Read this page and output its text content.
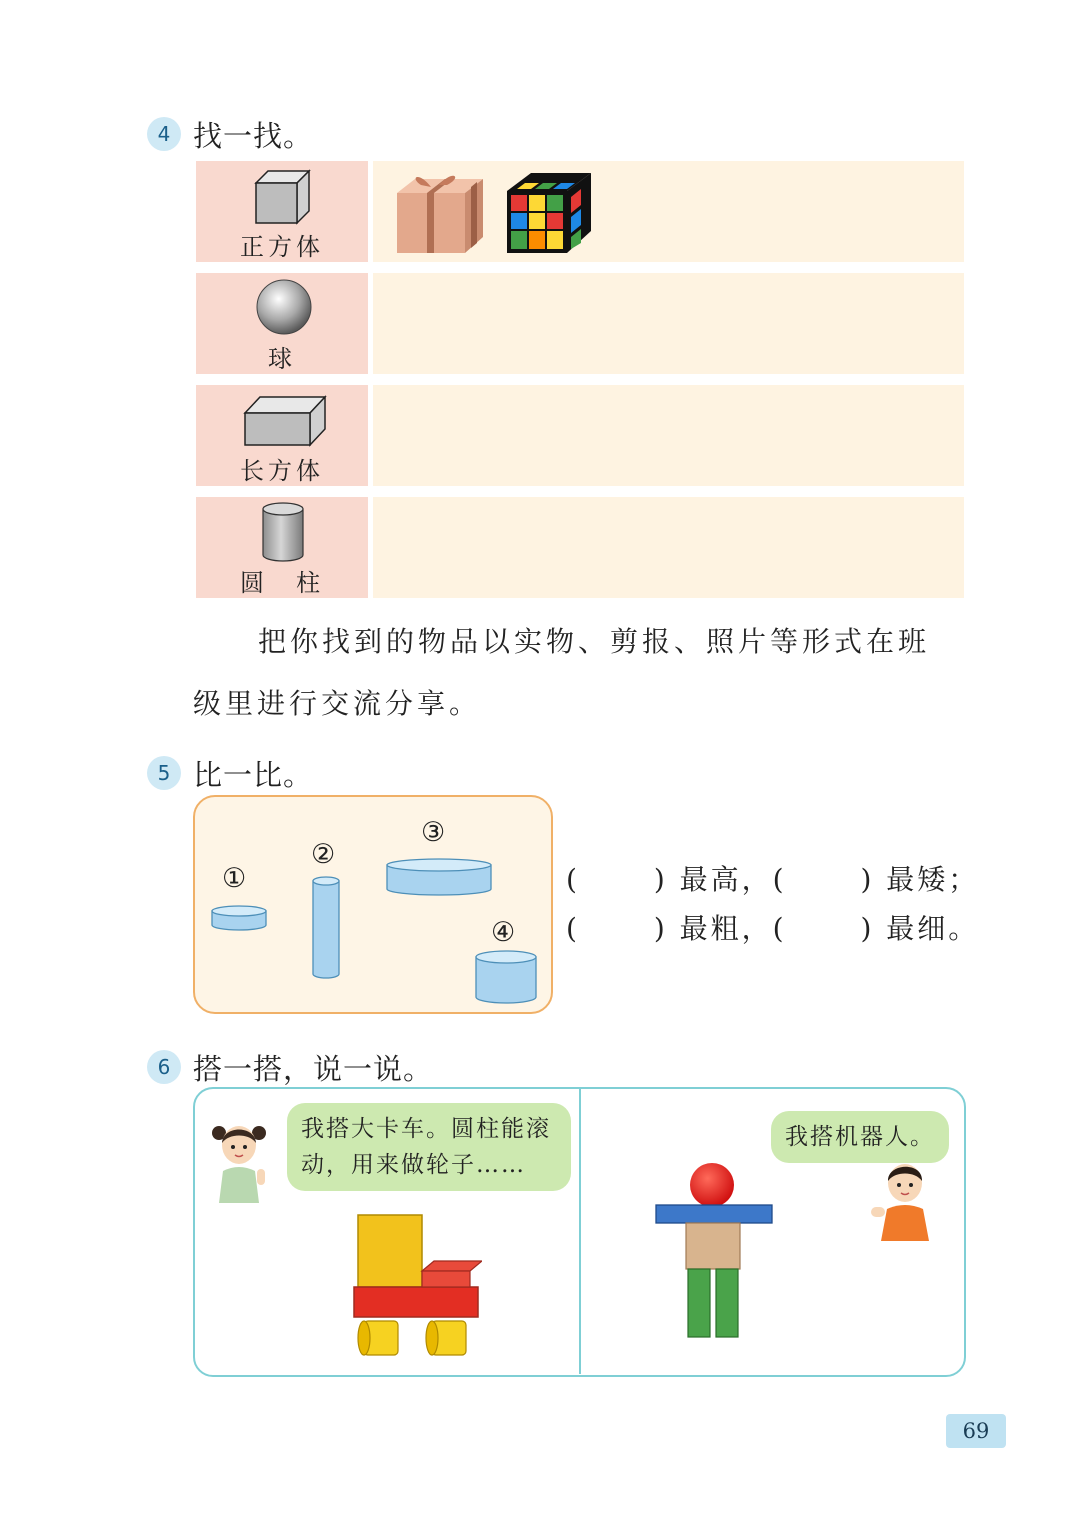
4 找一找。
正方体
球
长方体
圆　柱
把你找到的物品以实物、剪报、照片等形式在班
级里进行交流分享。
5 比一比。
①
②
③
④
(　　 ) 最高，(　　 ) 最矮；
(　　 ) 最粗，(　　 ) 最细。
6 搭一搭，说一说。
我搭大卡车。圆柱能滚
动，用来做轮子……
我搭机器人。
69
